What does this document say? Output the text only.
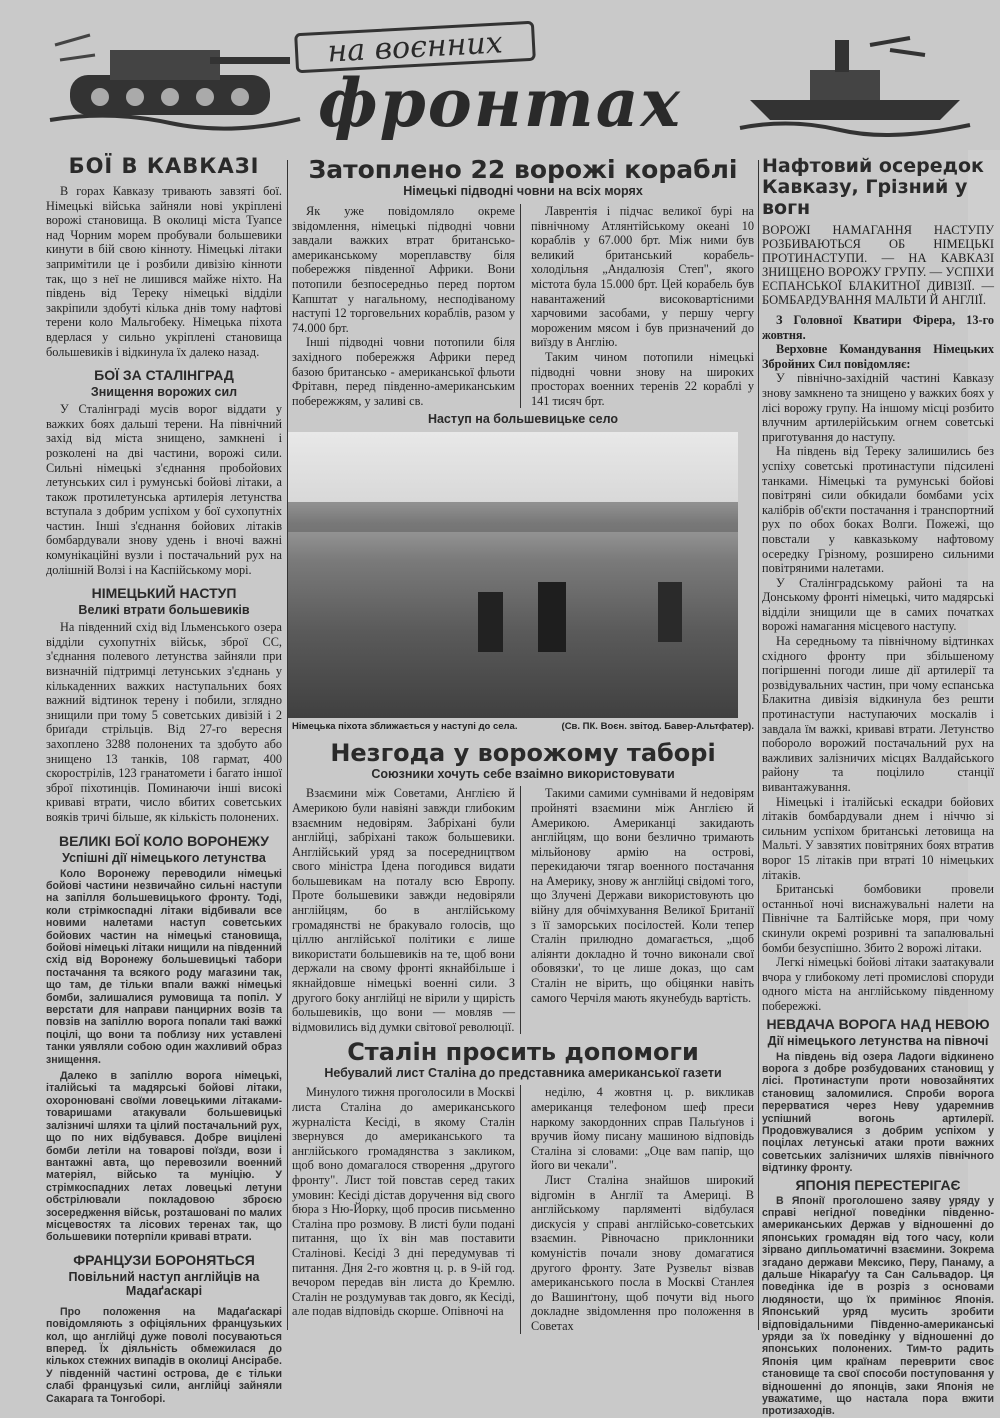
на воєнних
фронтах
БОЇ В КАВКАЗІ

В горах Кавказу тривають завзяті бої. Німецькі війська зайняли нові укріплені ворожі становища. В околиці міста Туапсе над Чорним морем пробували большевики кинути в бій свою кінноту. Німецькі літаки запримітили це і розбили дивізію кінноти так, що з неї не лишився майже ніхто. На південь від Тереку німецькі відділи закріпили здобуті кілька днів тому нафтові терени коло Мальгобеку. Німецька піхота вдерлася у сильно укріплені становища большевиків і відкинула їх далеко назад.

БОЇ ЗА СТАЛІНГРАД
Знищення ворожих сил

У Сталінграді мусів ворог віддати у важких боях дальші терени. На північний захід від міста знищено, замкнені і розколені на дві частини, ворожі сили. Сильні німецькі з'єднання пробойових летунських сил і румунські бойові літаки, а також протилетунська артилерія летунства вступала з добрим успіхом у бої сухопутніх частин. Інші з'єднання бойових літаків бомбардували знову удень і вночі важні комунікаційні вузли і постачальний рух на долішній Волзі і на Каспійському морі.

НІМЕЦЬКИЙ НАСТУП
Великі втрати большевиків

На південний схід від Ільменського озера відділи сухопутніх військ, зброї СС, з'єднання полевого летунства зайняли при визначній підтримці летунських з'єднань у кількаденних важких наступальних боях важний відтинок терену і побили, зглядно знищили при тому 5 советських дивізій і 2 бриґади стрільців. Від 27-го вересня захоплено 3288 полонених та здобуто або знищено 13 танків, 108 гармат, 400 скорострілів, 123 гранатомети і багато іншої зброї піхотинців. Поминаючи інші високі криваві втрати, число вбитих советських вояків тричі більше, як кількість полонених.

ВЕЛИКІ БОЇ КОЛО ВОРОНЕЖУ
Успішні дії німецького летунства

Коло Воронежу переводили німецькі бойові частини незвичайно сильні наступи на запілля большевицького фронту. Тоді, коли стрімкоспадні літаки відбивали все новими налетами наступ советських бойових частин на німецькі становища, бойові німецькі літаки нищили на південний схід від Воронежу большевицькі табори постачання та всякого роду магазини так, що там, де тільки впали важкі німецькі бомби, залишалися румовища та попіл. У верстати для направи панцирних возів та повзів на запіллю ворога попали такі важкі поцілі, що вони та поблизу них уставлені танки уявляли собою один жахливий образ знищення.

Далеко в запіллю ворога німецькі, італійські та мадярські бойові літаки, охоронювані своїми ловецькими літаками-товаришами атакували большевицькі залізничі шляхи та цілий постачальний рух, що по них відбувався. Добре вицілені бомби летіли на товарові поїзди, вози і вантажні авта, що перевозили военний матеріял, військо та муніцію. У стрімкоспадних летах ловецькі летуни обстрілювали покладовою зброєю зосередження військ, розташовані по малих місцевостях та лісових теренах так, що большевики потерпіли криваві втрати.

ФРАНЦУЗИ БОРОНЯТЬСЯ
Повільний наступ англійців на Мадаґаскарі

Про положення на Мадаґаскарі повідомляють з офіціяльних французьких кол, що англійці дуже поволі посуваються вперед. Їх діяльність обмежилася до кількох стежних випадів в околиці Ансірабе. У південній частині острова, де є тільки слабі французькі сили, англійці зайняли Сакарага та Тонгоборі.

Затоплено 22 ворожі кораблі
Німецькі підводні човни на всіх морях

Як уже повідомляло окреме звідомлення, німецькі підводні човни завдали важких втрат британсько-американському мореплавству біля побережжя південної Африки. Вони потопили безпосередньо перед портом Капштат у нагальному, несподіваному наступі 12 торговельних кораблів, разом у 74.000 брт.

Інші підводні човни потопили біля західного побережжя Африки перед базою британсько - американської фльоти Фрітавн, перед південно-американським побережжям, у заливі св.

Лаврентія і підчас великої бурі на північному Атлянтійському океані 10 кораблів у 67.000 брт. Між ними був великий британський корабель-холодільня „Андалюзія Степ", якого містота була 15.000 брт. Цей корабель був навантажений високовартісними харчовими засобами, у першу чергу мороженим мясом і був призначений до виїзду в Англію.

Таким чином потопили німецькі підводні човни знову на широких просторах военних теренів 22 кораблі у 141 тисяч брт.

Наступ на большевицьке село
Німецька піхота зближається у наступі до села.	(Св. ПК. Воєн. звітод. Бавер-Альтфатер).
Незгода у ворожому таборі
Союзники хочуть себе взаімно використовувати

Взаємини між Советами, Англією й Америкою були навіяні завжди глибоким взаємним недовірям. Забріхані були англійці, забріхані також большевики. Англійський уряд за посередництвом свого міністра Ідена погодився видати большевикам на поталу всю Европу. Проте большевики завжди недовіряли англійцям, бо в англійському громадянстві не бракувало голосів, що ціллю англійської політики є лише використати большевиків на те, щоб вони держали на свому фронті якнайбільше і якнайдовше німецькі военні сили. З другого боку англійці не вірили у щирість большевиків, що вони — мовляв — відмовились від думки світової революції.

Такими самими сумнівами й недовірям пройняті взаємини між Англією й Америкою. Американці закидають англійцям, що вони безлично тримають мільйонову армію на острові, перекидаючи тягар военного постачання на Америку, знову ж англійці свідомі того, що Злучені Держави використовують цю війну для обчімхування Великої Британії з її заморських посілостей. Коли тепер Сталін прилюдно домагається, „щоб аліянти докладно й точно виконали свої обовязки', то це лише доказ, що сам Сталін не вірить, що обіцянки навіть самого Черчіля мають якунебудь вартість.

Сталін просить допомоги
Небувалий лист Сталіна до представника американської газети

Минулого тижня проголосили в Москві листа Сталіна до американського журналіста Кесіді, в якому Сталін звернувся до американського та англійського громадянства з закликом, щоб воно домагалося створення „другого фронту". Лист той повстав серед таких умовин: Кесіді дістав доручення від свого бюра з Ню-Йорку, щоб просив письменно Сталіна про розмову. В листі були подані питання, що їх він мав поставити Сталінові. Кесіді 3 дні передумував ті питання. Дня 2-го жовтня ц. р. в 9-ій год. вечором передав він листа до Кремлю. Сталін не роздумував так довго, як Кесіді, але подав відповідь скорше. Опівночі на

неділю, 4 жовтня ц. р. викликав американця телефоном шеф преси наркому закордонних справ Пальґунов і вручив йому писану машиною відповідь Сталіна зі словами: „Оце вам папір, що його ви чекали".

Лист Сталіна знайшов широкий відгомін в Англії та Америці. В англійському парляменті відбулася дискусія у справі англійсько-советських взаємин. Рівночасно приклонники комуністів почали знову домагатися другого фронту. Зате Рузвельт візвав американського посла в Москві Станлея до Вашинґтону, щоб почути від нього докладне звідомлення про положення в Советах

Нафтовий осередок Кавказу, Грізний у вогн
ВОРОЖІ НАМАГАННЯ НАСТУПУ РОЗБИВАЮТЬСЯ ОБ НІМЕЦЬКІ ПРОТИНАСТУПИ. — НА КАВКАЗІ ЗНИЩЕНО ВОРОЖУ ГРУПУ. — УСПІХИ ЕСПАНСЬКОЇ БЛАКИТНОЇ ДИВІЗІЇ. — БОМБАРДУВАННЯ МАЛЬТИ Й АНГЛІЇ.

З Головної Кватири Фірера, 13-го жовтня.

Верховне Командування Німецьких Збройних Сил повідомляє:

У північно-західній частині Кавказу знову замкнено та знищено у важких боях у лісі ворожу групу. На іншому місці розбито влучним артилерійським огнем советські приготування до наступу.

На південь від Тереку залишились без успіху советські протинаступи підсилені танками. Німецькі та румунські бойові повітряні сили обкидали бомбами усіх калібрів об'єкти постачання і транспортний рух по обох боках Волги. Пожежі, що повстали у кавказькому нафтовому осередку Грізному, розширено сильними повітряними налетами.

У Сталінградському районі та на Донському фронті німецькі, чито мадярські відділи знищили ще в самих початках ворожі намагання місцевого наступу.

На середньому та північному відтинках східного фронту при збільшеному погіршенні погоди лише дії артилерії та розвідувальних частин, при чому еспанська Блакитна дивізія відкинула без решти протинаступи наступаючих москалів і завдала їм важкі, криваві втрати. Летунство побороло ворожий постачальний рух на важливих залізничих місцях Валдайського району та поцілило станції вивантажування.

Німецькі і італійські ескадри бойових літаків бомбардували днем і ніччю зі сильним успіхом британські летовища на Мальті. У завзятих повітряних боях втратив ворог 15 літаків при втраті 10 німецьких літаків.

Британські бомбовики провели останньої ночі виснажувальні налети на Північне та Балтійське моря, при чому скинули окремі розривні та запалювальні бомби безуспішно. Збито 2 ворожі літаки.

Легкі німецькі бойові літаки заатакували вчора у глибокому леті промислові споруди одного міста на англійському південному побережжі.

НЕВДАЧА ВОРОГА НАД НЕВОЮ
Дії німецького летунства на півночі

На південь від озера Ладоги відкинено ворога з добре розбудованих становищ у лісі. Протинаступи проти новозайнятих становищ заломилися. Спроби ворога перерватися через Неву ударемнив успішний вогонь артилерії. Продовжувалися з добрим успіхом у поцілах летунські атаки проти важних советських залізничих шляхів північного відтинку фронту.

ЯПОНІЯ ПЕРЕСТЕРІГАЄ

В Японії проголошено заяву уряду у справі негідної поведінки південно-американських Держав у відношенні до японських громадян від того часу, коли зірвано дипльоматичні взаємини. Зокрема згадано держави Мексико, Перу, Панаму, а дальше Нікараґуу та Сан Сальвадор. Ця поведінка іде в розріз з основами людяности, що їх примінює Японія. Японський уряд мусить зробити відповідальними Південно-американські уряди за їх поведінку у відношенні до японських полонених. Тим-то радить Японія цим країнам переврити своє становище та свої способи поступовання у відношенні до японців, заки Японія не уважатиме, що настала пора вжити протизаходів.
